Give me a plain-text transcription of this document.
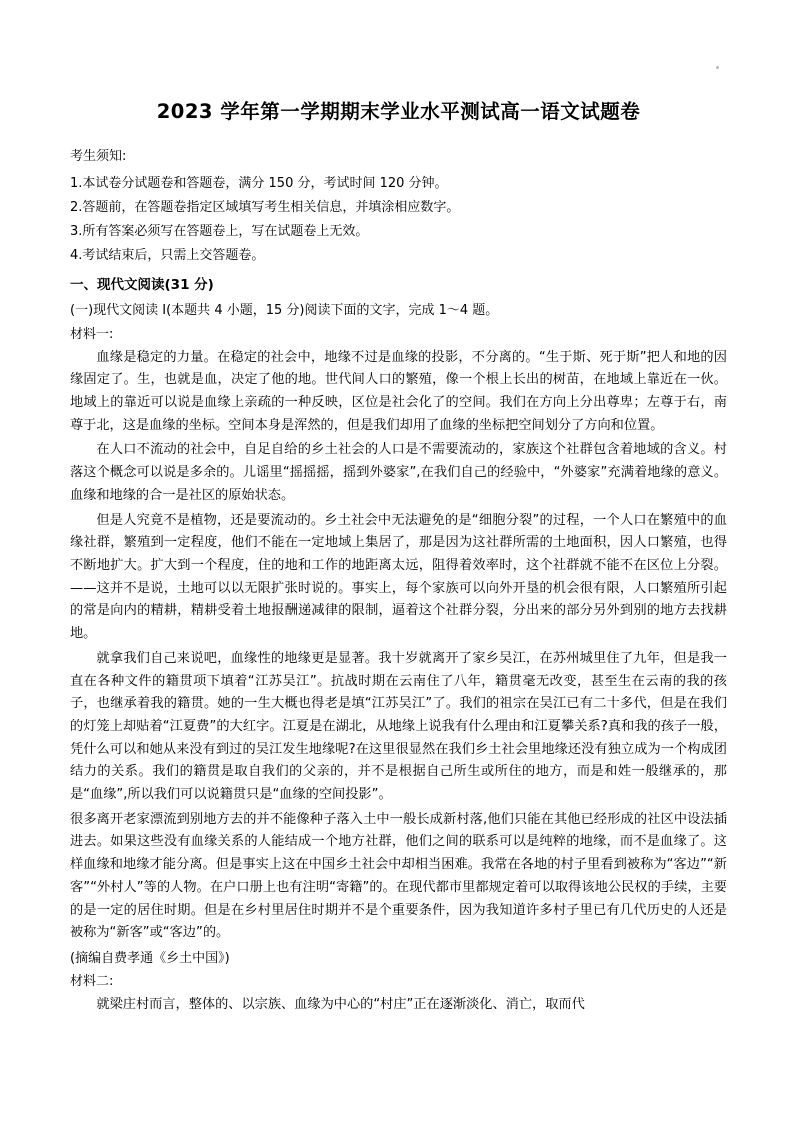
2023 学年第一学期期末学业水平测试高一语文试题卷
考生须知:
1.本试卷分试题卷和答题卷，满分 150 分，考试时间 120 分钟。
2.答题前，在答题卷指定区域填写考生相关信息，并填涂相应数字。
3.所有答案必须写在答题卷上，写在试题卷上无效。
4.考试结束后，只需上交答题卷。
一、现代文阅读(31 分)
(一)现代文阅读 I(本题共 4 小题，15 分)阅读下面的文字，完成 1～4 题。
材料一:

血缘是稳定的力量。在稳定的社会中，地缘不过是血缘的投影，不分离的。“生于斯、死于斯”把人和地的因缘固定了。生，也就是血，决定了他的地。世代间人口的繁殖，像一个根上长出的树苗，在地域上靠近在一伙。地域上的靠近可以说是血缘上亲疏的一种反映，区位是社会化了的空间。我们在方向上分出尊卑；左尊于右，南尊于北，这是血缘的坐标。空间本身是浑然的，但是我们却用了血缘的坐标把空间划分了方向和位置。

在人口不流动的社会中，自足自给的乡土社会的人口是不需要流动的，家族这个社群包含着地域的含义。村落这个概念可以说是多余的。儿谣里“摇摇摇，摇到外婆家”,在我们自己的经验中，“外婆家”充满着地缘的意义。血缘和地缘的合一是社区的原始状态。

但是人究竟不是植物，还是要流动的。乡土社会中无法避免的是“细胞分裂”的过程，一个人口在繁殖中的血缘社群，繁殖到一定程度，他们不能在一定地域上集居了，那是因为这社群所需的土地面积，因人口繁殖，也得不断地扩大。扩大到一个程度，住的地和工作的地距离太远，阻得着效率时，这个社群就不能不在区位上分裂。——这并不是说，土地可以以无限扩张时说的。事实上，每个家族可以向外开垦的机会很有限，人口繁殖所引起的常是向内的精耕，精耕受着土地报酬递减律的限制，逼着这个社群分裂，分出来的部分另外到别的地方去找耕地。

就拿我们自己来说吧，血缘性的地缘更是显著。我十岁就离开了家乡吴江，在苏州城里住了九年，但是我一直在各种文件的籍贯项下填着“江苏吴江”。抗战时期在云南住了八年，籍贯毫无改变，甚至生在云南的我的孩子，也继承着我的籍贯。她的一生大概也得老是填“江苏吴江”了。我们的祖宗在吴江已有二十多代，但是在我们的灯笼上却贴着“江夏费”的大红字。江夏是在湖北，从地缘上说我有什么理由和江夏攀关系?真和我的孩子一般，凭什么可以和她从来没有到过的吴江发生地缘呢?在这里很显然在我们乡土社会里地缘还没有独立成为一个构成团结力的关系。我们的籍贯是取自我们的父亲的，并不是根据自己所生或所住的地方，而是和姓一般继承的，那是“血缘”,所以我们可以说籍贯只是“血缘的空间投影”。

很多离开老家漂流到别地方去的并不能像种子落入土中一般长成新村落,他们只能在其他已经形成的社区中设法插进去。如果这些没有血缘关系的人能结成一个地方社群，他们之间的联系可以是纯粹的地缘，而不是血缘了。这样血缘和地缘才能分离。但是事实上这在中国乡土社会中却相当困难。我常在各地的村子里看到被称为“客边”“新客”“外村人”等的人物。在户口册上也有注明“寄籍”的。在现代都市里都规定着可以取得该地公民权的手续，主要的是一定的居住时期。但是在乡村里居住时期并不是个重要条件，因为我知道许多村子里已有几代历史的人还是被称为“新客”或“客边”的。

(摘编自费孝通《乡土中国》)
材料二:

就梁庄村而言，整体的、以宗族、血缘为中心的“村庄”正在逐渐淡化、消亡，取而代
